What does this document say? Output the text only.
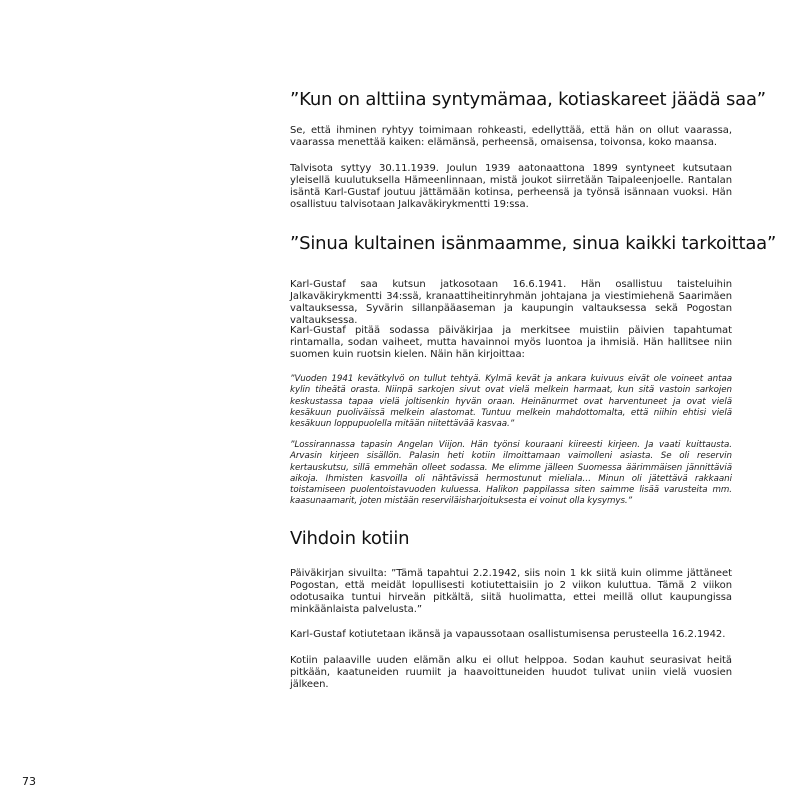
”Kun on alttiina syntymämaa, kotiaskareet jäädä saa”

Se, että ihminen ryhtyy toimimaan rohkeasti, edellyttää, että hän on ollut vaarassa, vaarassa menettää kaiken: elämänsä, perheensä, omaisensa, toivonsa, koko maansa.

Talvisota syttyy 30.11.1939. Joulun 1939 aatonaattona 1899 syntyneet kutsutaan yleisellä kuulutuksella Hämeenlinnaan, mistä joukot siirretään Taipaleenjoelle. Rantalan isäntä Karl-Gustaf joutuu jättämään kotinsa, perheensä ja työnsä isännaan vuoksi. Hän osallistuu talvisotaan Jalkaväkirykmentti 19:ssa.

”Sinua kultainen isänmaamme, sinua kaikki tarkoittaa”

Karl-Gustaf saa kutsun jatkosotaan 16.6.1941. Hän osallistuu taisteluihin Jalkaväkirykmentti 34:ssä, kranaattiheitinryhmän johtajana ja viestimiehenä Saarimäen valtauksessa, Syvärin sillanpääaseman ja kaupungin valtauksessa sekä Pogostan valtauksessa.

Karl-Gustaf pitää sodassa päiväkirjaa ja merkitsee muistiin päivien tapahtumat rintamalla, sodan vaiheet, mutta havainnoi myös luontoa ja ihmisiä. Hän hallitsee niin suomen kuin ruotsin kielen. Näin hän kirjoittaa:

”Vuoden 1941 kevätkylvö on tullut tehtyä. Kylmä kevät ja ankara kuivuus eivät ole voineet antaa kylin tiheätä orasta. Niinpä sarkojen sivut ovat vielä melkein harmaat, kun sitä vastoin sarkojen keskustassa tapaa vielä joltisenkin hyvän oraan. Heinänurmet ovat harventuneet ja ovat vielä kesäkuun puoliväissä melkein alastomat. Tuntuu melkein mahdottomalta, että niihin ehtisi vielä kesäkuun loppupuolella mitään niitettävää kasvaa.”

”Lossirannassa tapasin Angelan Viijon. Hän työnsi kouraani kiireesti kirjeen. Ja vaati kuittausta. Arvasin kirjeen sisällön. Palasin heti kotiin ilmoittamaan vaimolleni asiasta. Se oli reservin kertauskutsu, sillä emmehän olleet sodassa. Me elimme jälleen Suomessa äärimmäisen jännittäviä aikoja. Ihmisten kasvoilla oli nähtävissä hermostunut mieliala… Minun oli jätettävä rakkaani toistamiseen puolentoistavuoden kuluessa. Halikon pappilassa siten saimme lisää varusteita mm. kaasunaamarit, joten mistään reserviläisharjoituksesta ei voinut olla kysymys.”

Vihdoin kotiin

Päiväkirjan sivuilta: ”Tämä tapahtui 2.2.1942, siis noin 1 kk siitä kuin olimme jättäneet Pogostan, että meidät lopullisesti kotiutettaisiin jo 2 viikon kuluttua. Tämä 2 viikon odotusaika tuntui hirveän pitkältä, siitä huolimatta, ettei meillä ollut kaupungissa minkäänlaista palvelusta.”

Karl-Gustaf kotiutetaan ikänsä ja vapaussotaan osallistumisensa perusteella 16.2.1942.

Kotiin palaaville uuden elämän alku ei ollut helppoa. Sodan kauhut seurasivat heitä pitkään, kaatuneiden ruumiit ja haavoittuneiden huudot tulivat uniin vielä vuosien jälkeen.

73
